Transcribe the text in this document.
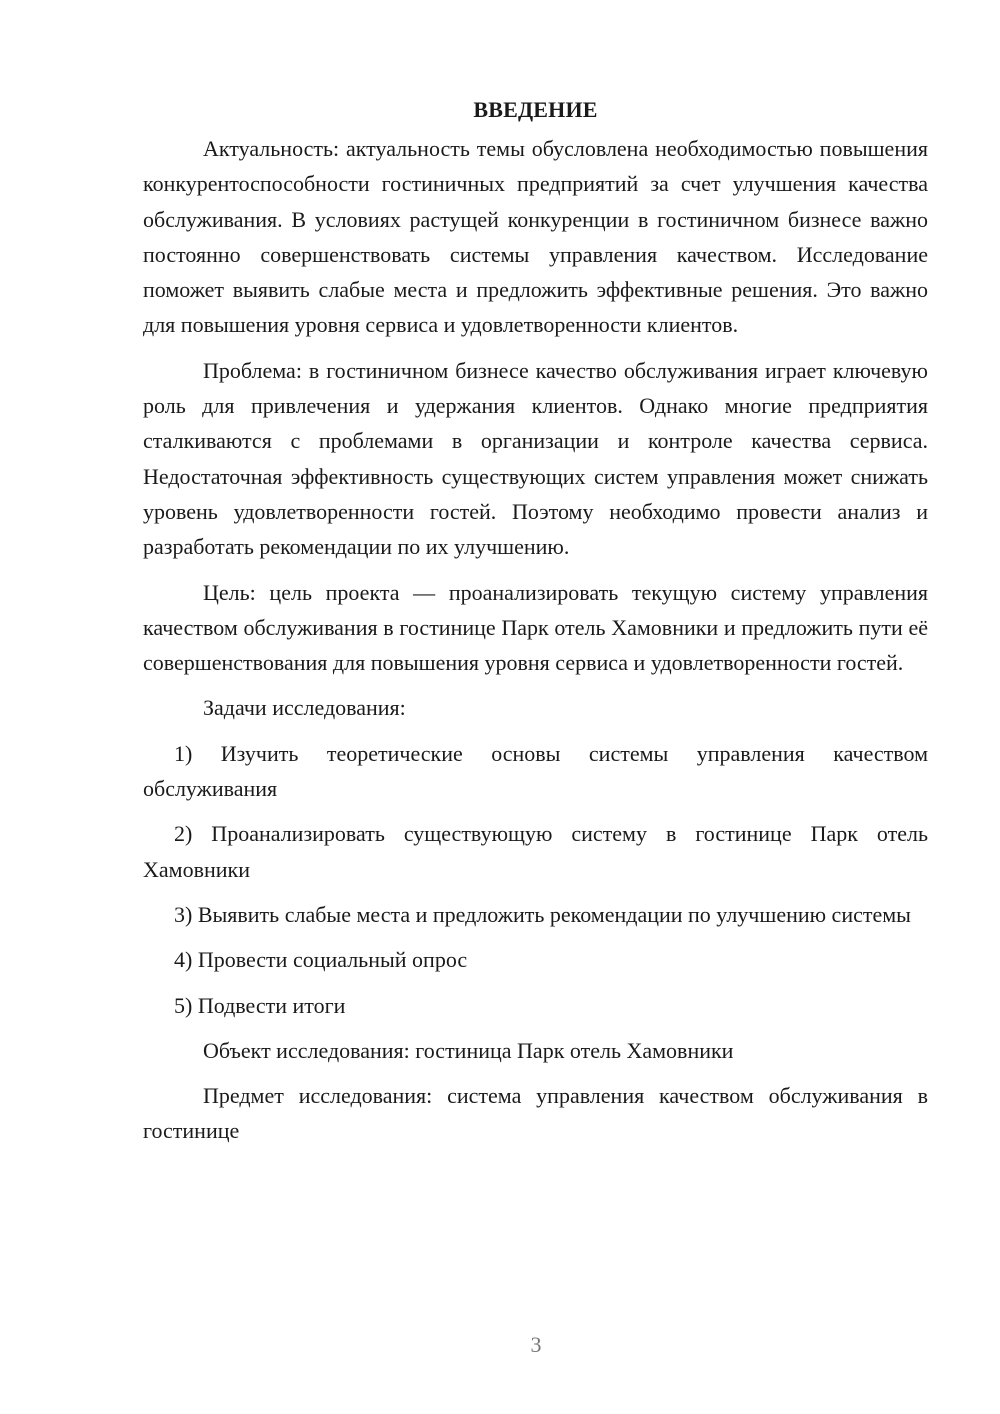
ВВЕДЕНИЕ

Актуальность: актуальность темы обусловлена необходимостью повышения конкурентоспособности гостиничных предприятий за счет улучшения качества обслуживания. В условиях растущей конкуренции в гостиничном бизнесе важно постоянно совершенствовать системы управления качеством. Исследование поможет выявить слабые места и предложить эффективные решения. Это важно для повышения уровня сервиса и удовлетворенности клиентов.

Проблема: в гостиничном бизнесе качество обслуживания играет ключевую роль для привлечения и удержания клиентов. Однако многие предприятия сталкиваются с проблемами в организации и контроле качества сервиса. Недостаточная эффективность существующих систем управления может снижать уровень удовлетворенности гостей. Поэтому необходимо провести анализ и разработать рекомендации по их улучшению.

Цель: цель проекта — проанализировать текущую систему управления качеством обслуживания в гостинице Парк отель Хамовники и предложить пути её совершенствования для повышения уровня сервиса и удовлетворенности гостей.

Задачи исследования:

1) Изучить теоретические основы системы управления качеством обслуживания

2) Проанализировать существующую систему в гостинице Парк отель Хамовники

3) Выявить слабые места и предложить рекомендации по улучшению системы

4) Провести социальный опрос

5) Подвести итоги

Объект исследования: гостиница Парк отель Хамовники

Предмет исследования: система управления качеством обслуживания в гостинице

3
